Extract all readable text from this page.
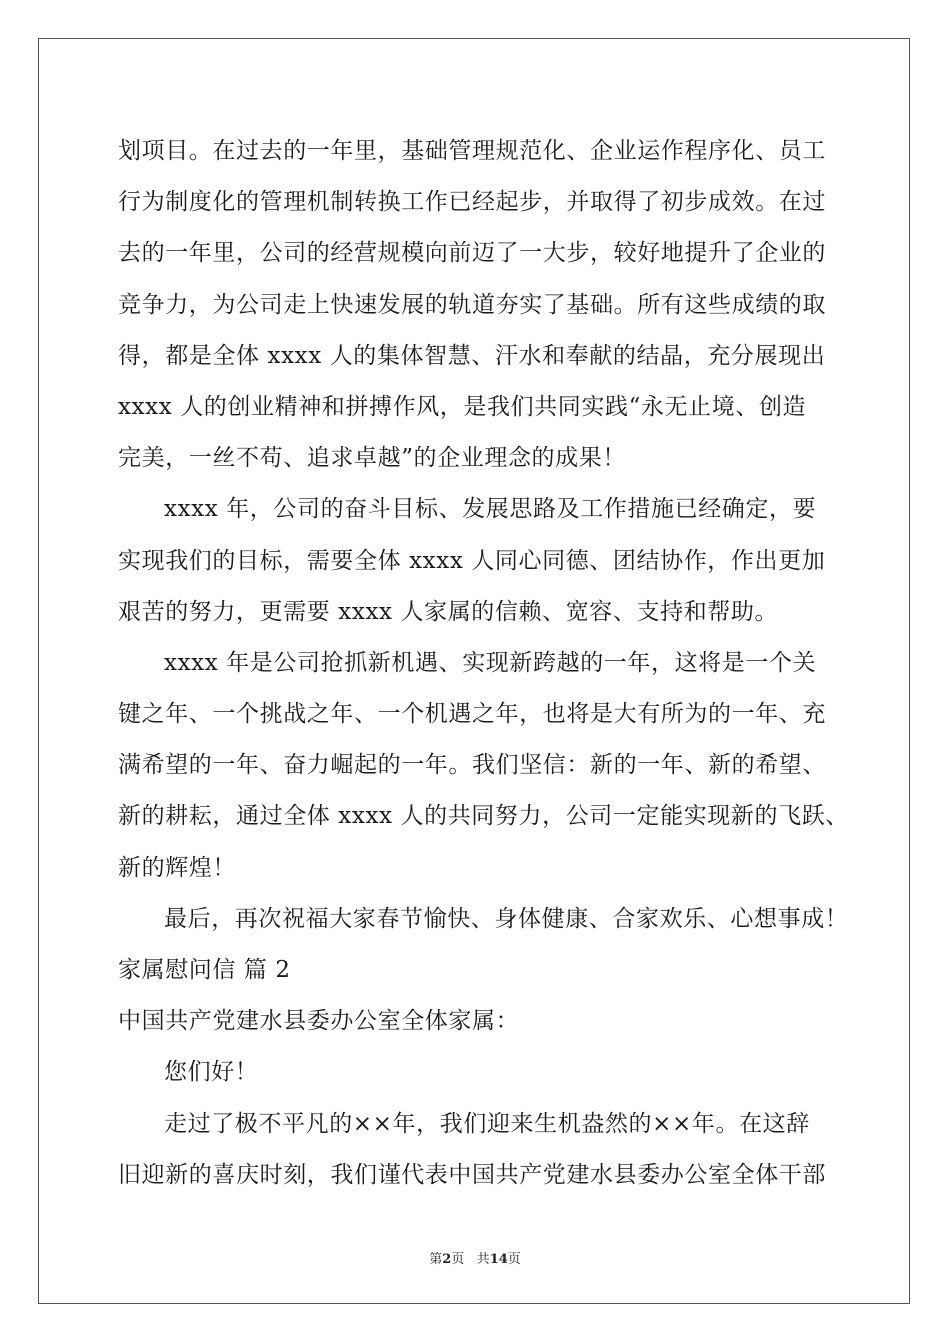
划项目。在过去的一年里，基础管理规范化、企业运作程序化、员工
行为制度化的管理机制转换工作已经起步，并取得了初步成效。在过
去的一年里，公司的经营规模向前迈了一大步，较好地提升了企业的
竞争力，为公司走上快速发展的轨道夯实了基础。所有这些成绩的取
得，都是全体 xxxx 人的集体智慧、汗水和奉献的结晶，充分展现出
xxxx 人的创业精神和拼搏作风，是我们共同实践“永无止境、创造
完美，一丝不苟、追求卓越”的企业理念的成果！
xxxx 年，公司的奋斗目标、发展思路及工作措施已经确定，要
实现我们的目标，需要全体 xxxx 人同心同德、团结协作，作出更加
艰苦的努力，更需要 xxxx 人家属的信赖、宽容、支持和帮助。
xxxx 年是公司抢抓新机遇、实现新跨越的一年，这将是一个关
键之年、一个挑战之年、一个机遇之年，也将是大有所为的一年、充
满希望的一年、奋力崛起的一年。我们坚信：新的一年、新的希望、
新的耕耘，通过全体 xxxx 人的共同努力，公司一定能实现新的飞跃、
新的辉煌！
最后，再次祝福大家春节愉快、身体健康、合家欢乐、心想事成！
家属慰问信 篇 2
中国共产党建水县委办公室全体家属：
您们好！
走过了极不平凡的××年，我们迎来生机盎然的××年。在这辞
旧迎新的喜庆时刻，我们谨代表中国共产党建水县委办公室全体干部
第2页 共14页
